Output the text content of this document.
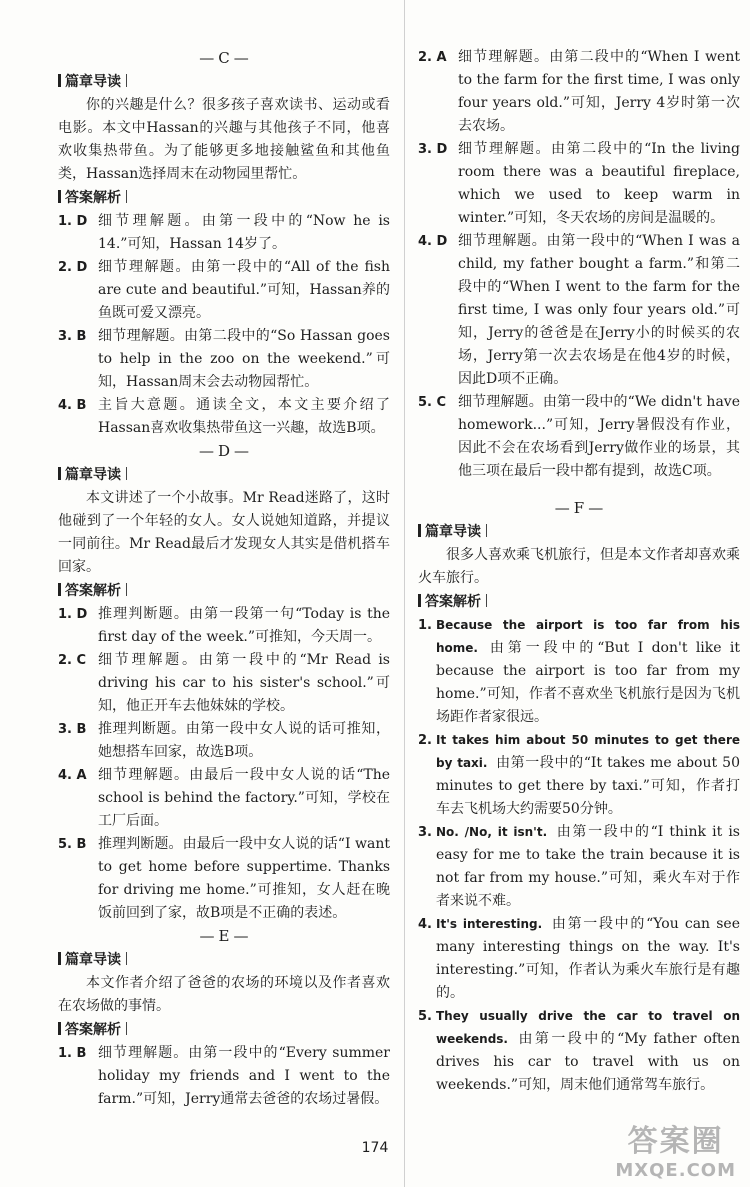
— C —
篇章导读
你的兴趣是什么？很多孩子喜欢读书、运动或看电影。本文中Hassan的兴趣与其他孩子不同，他喜欢收集热带鱼。为了能够更多地接触鲨鱼和其他鱼类，Hassan选择周末在动物园里帮忙。
答案解析
1. D 细节理解题。由第一段中的“Now he is 14.”可知，Hassan 14岁了。
2. D 细节理解题。由第一段中的“All of the fish are cute and beautiful.”可知，Hassan养的鱼既可爱又漂亮。
3. B 细节理解题。由第二段中的“So Hassan goes to help in the zoo on the weekend.”可知，Hassan周末会去动物园帮忙。
4. B 主旨大意题。通读全文，本文主要介绍了Hassan喜欢收集热带鱼这一兴趣，故选B项。
— D —
篇章导读
本文讲述了一个小故事。Mr Read迷路了，这时他碰到了一个年轻的女人。女人说她知道路，并提议一同前往。Mr Read最后才发现女人其实是借机搭车回家。
答案解析
1. D 推理判断题。由第一段第一句“Today is the first day of the week.”可推知，今天周一。
2. C 细节理解题。由第一段中的“Mr Read is driving his car to his sister's school.”可知，他正开车去他妹妹的学校。
3. B 推理判断题。由第一段中女人说的话可推知，她想搭车回家，故选B项。
4. A 细节理解题。由最后一段中女人说的话“The school is behind the factory.”可知，学校在工厂后面。
5. B 推理判断题。由最后一段中女人说的话“I want to get home before suppertime. Thanks for driving me home.”可推知，女人赶在晚饭前回到了家，故B项是不正确的表述。
— E —
篇章导读
本文作者介绍了爸爸的农场的环境以及作者喜欢在农场做的事情。
答案解析
1. B 细节理解题。由第一段中的“Every summer holiday my friends and I went to the farm.”可知，Jerry通常去爸爸的农场过暑假。
2. A 细节理解题。由第二段中的“When I went to the farm for the first time, I was only four years old.”可知，Jerry 4岁时第一次去农场。
3. D 细节理解题。由第二段中的“In the living room there was a beautiful fireplace, which we used to keep warm in winter.”可知，冬天农场的房间是温暖的。
4. D 细节理解题。由第一段中的“When I was a child, my father bought a farm.”和第二段中的“When I went to the farm for the first time, I was only four years old.”可知，Jerry的爸爸是在Jerry小的时候买的农场，Jerry第一次去农场是在他4岁的时候，因此D项不正确。
5. C 细节理解题。由第一段中的“We didn't have homework...”可知，Jerry暑假没有作业，因此不会在农场看到Jerry做作业的场景，其他三项在最后一段中都有提到，故选C项。
— F —
篇章导读
很多人喜欢乘飞机旅行，但是本文作者却喜欢乘火车旅行。
答案解析
1. Because the airport is too far from his home. 由第一段中的“But I don't like it because the airport is too far from my home.”可知，作者不喜欢坐飞机旅行是因为飞机场距作者家很远。
2. It takes him about 50 minutes to get there by taxi. 由第一段中的“It takes me about 50 minutes to get there by taxi.”可知，作者打车去飞机场大约需要50分钟。
3. No. /No, it isn't. 由第一段中的“I think it is easy for me to take the train because it is not far from my house.”可知，乘火车对于作者来说不难。
4. It's interesting. 由第一段中的“You can see many interesting things on the way. It's interesting.”可知，作者认为乘火车旅行是有趣的。
5. They usually drive the car to travel on weekends. 由第一段中的“My father often drives his car to travel with us on weekends.”可知，周末他们通常驾车旅行。
174	答案圈
MXQE.COM
